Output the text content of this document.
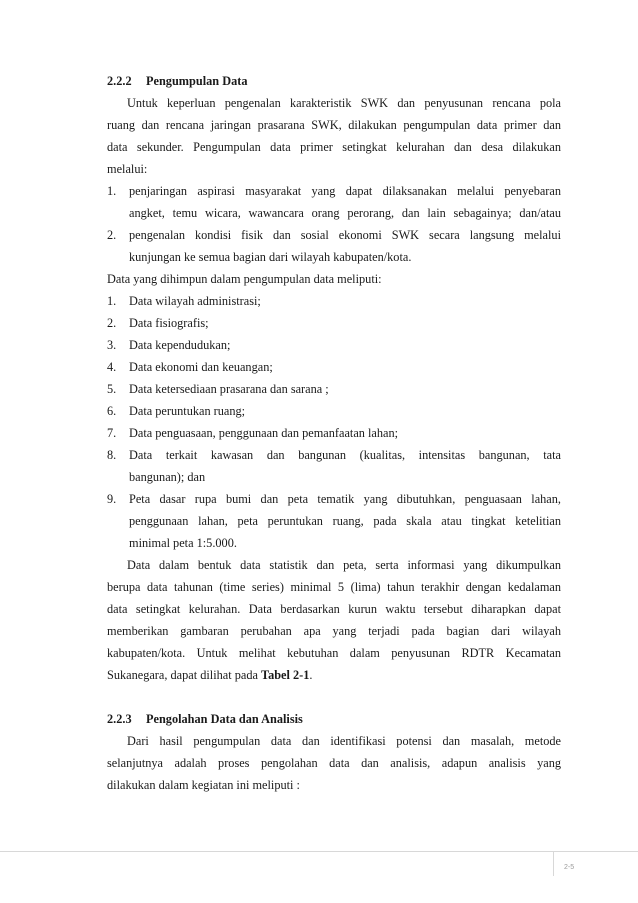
2.2.2 Pengumpulan Data
Untuk keperluan pengenalan karakteristik SWK dan penyusunan rencana pola
ruang dan rencana jaringan prasarana SWK, dilakukan pengumpulan data primer dan
data sekunder. Pengumpulan data primer setingkat kelurahan dan desa dilakukan
melalui:
1. penjaringan aspirasi masyarakat yang dapat dilaksanakan melalui penyebaran
angket, temu wicara, wawancara orang perorang, dan lain sebagainya; dan/atau
2. pengenalan kondisi fisik dan sosial ekonomi SWK secara langsung melalui
kunjungan ke semua bagian dari wilayah kabupaten/kota.
Data yang dihimpun dalam pengumpulan data meliputi:
1. Data wilayah administrasi;
2. Data fisiografis;
3. Data kependudukan;
4. Data ekonomi dan keuangan;
5. Data ketersediaan prasarana dan sarana ;
6. Data peruntukan ruang;
7. Data penguasaan, penggunaan dan pemanfaatan lahan;
8. Data terkait kawasan dan bangunan (kualitas, intensitas bangunan, tata
bangunan); dan
9. Peta dasar rupa bumi dan peta tematik yang dibutuhkan, penguasaan lahan,
penggunaan lahan, peta peruntukan ruang, pada skala atau tingkat ketelitian
minimal peta 1:5.000.
Data dalam bentuk data statistik dan peta, serta informasi yang dikumpulkan
berupa data tahunan (time series) minimal 5 (lima) tahun terakhir dengan kedalaman
data setingkat kelurahan. Data berdasarkan kurun waktu tersebut diharapkan dapat
memberikan gambaran perubahan apa yang terjadi pada bagian dari wilayah
kabupaten/kota. Untuk melihat kebutuhan dalam penyusunan RDTR Kecamatan
Sukanegara, dapat dilihat pada Tabel 2-1.
2.2.3 Pengolahan Data dan Analisis
Dari hasil pengumpulan data dan identifikasi potensi dan masalah, metode
selanjutnya adalah proses pengolahan data dan analisis, adapun analisis yang
dilakukan dalam kegiatan ini meliputi :
2-5
